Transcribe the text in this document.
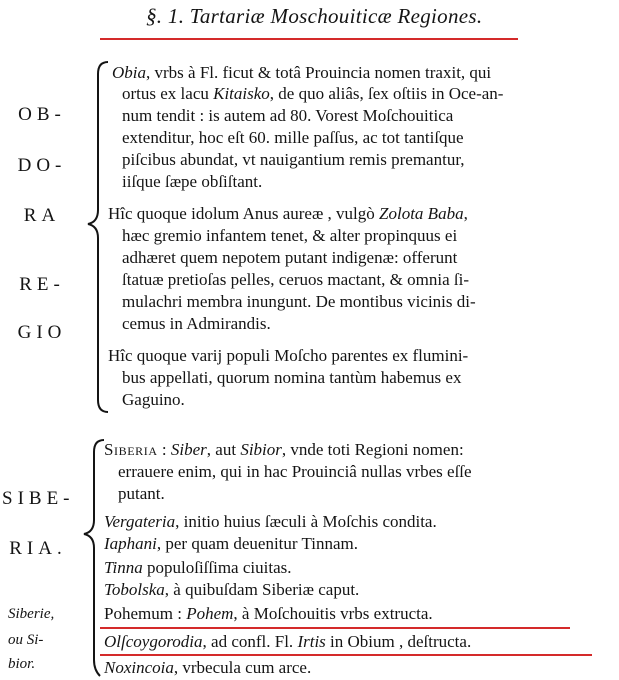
§. 1. Tartariæ Moschouiticæ Regiones.
OB-
DO-
RA
RE-
GIO
Obia, vrbs à Fl. ficut & totâ Prouincia nomen traxit, qui
ortus ex lacu Kitaisko, de quo aliâs, ſex oſtiis in Oce-an-
num tendit : is autem ad 80. Vorest Moſchouitica
extenditur, hoc eſt 60. mille paſſus, ac tot tantiſque
piſcibus abundat, vt nauigantium remis premantur,
iiſque ſæpe obſiſtant.
Hîc quoque idolum Anus aureæ , vulgò Zolota Baba,
hæc gremio infantem tenet, & alter propinquus ei
adhæret quem nepotem putant indigenæ: offerunt
ſtatuæ pretioſas pelles, ceruos mactant, & omnia ſi-
mulachri membra inungunt. De montibus vicinis di-
cemus in Admirandis.
Hîc quoque varij populi Moſcho parentes ex flumini-
bus appellati, quorum nomina tantùm habemus ex
Gaguino.
SIBE-
RIA.
Siberie,
ou Si-
bior.
Siberia : Siber, aut Sibior, vnde toti Regioni nomen:
errauere enim, qui in hac Prouinciâ nullas vrbes eſſe
putant.
Vergateria, initio huius ſæculi à Moſchis condita.
Iaphani, per quam deuenitur Tinnam.
Tinna populoſiſſima ciuitas.
Tobolska, à quibuſdam Siberiæ caput.
Pohemum : Pohem, à Moſchouitis vrbs extructa.
Olſcoygorodia, ad confl. Fl. Irtis in Obium , deſtructa.
Noxincoia, vrbecula cum arce.
